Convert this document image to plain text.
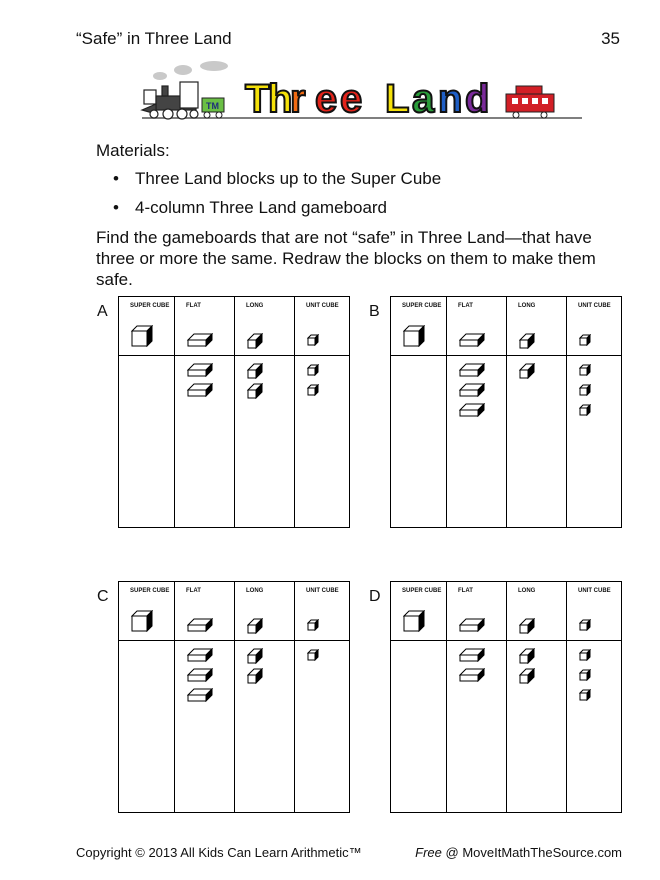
“Safe” in Three Land	35
TM T
h
r e e L a n d
Materials:
• Three Land blocks up to the Super Cube
• 4-column Three Land gameboard
Find the gameboards that are not “safe” in Three Land—that have three or more the same. Redraw the blocks on them to make them safe.
A	SUPER CUBE	FLAT	LONG	UNIT CUBE	B	SUPER CUBE	FLAT	LONG	UNIT CUBE
C	SUPER CUBE	FLAT	LONG	UNIT CUBE	D	SUPER CUBE	FLAT	LONG	UNIT CUBE
Copyright © 2013 All Kids Can Learn Arithmetic™	Free @ MoveItMathTheSource.com
